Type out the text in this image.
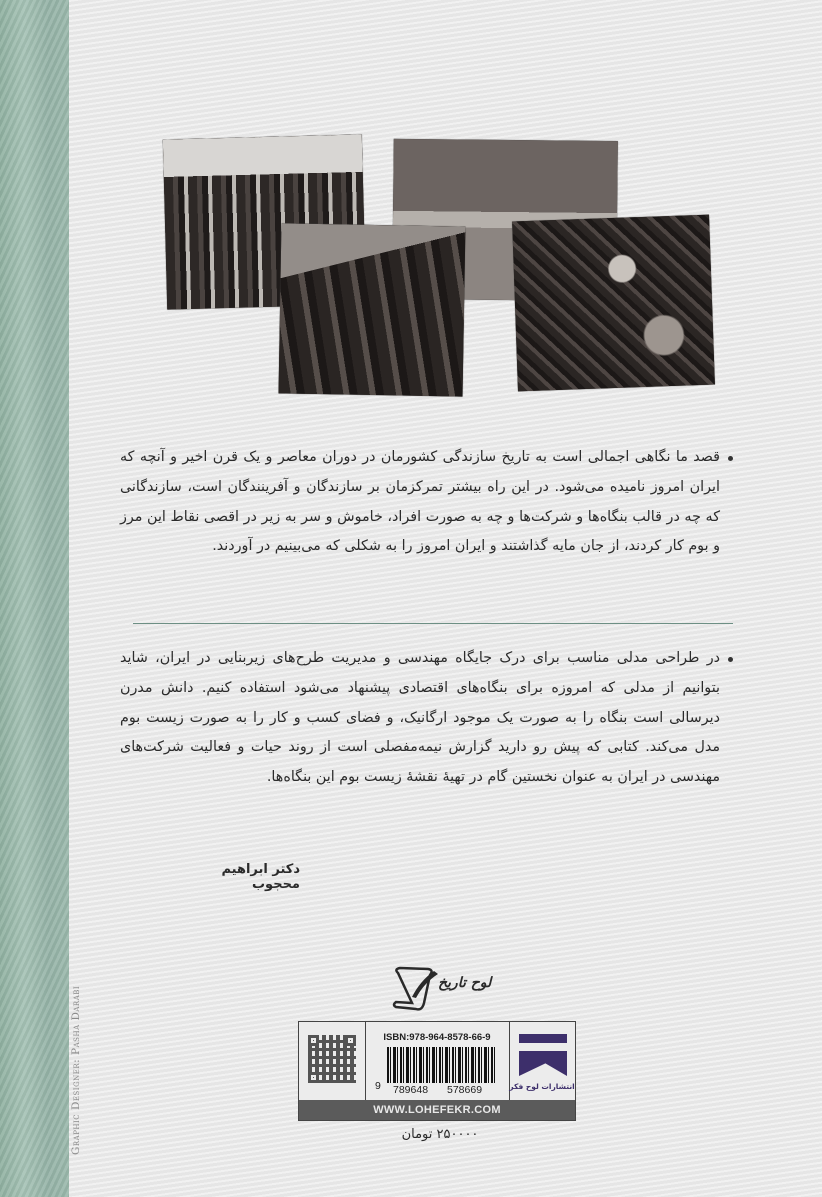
Graphic Designer: Pasha Darabi

قصد ما نگاهی اجمالی است به تاریخ سازندگی کشورمان در دوران معاصر و یک قرن اخیر و آنچه که ایران امروز نامیده می‌شود. در این راه بیشتر تمرکزمان بر سازندگان و آفرینندگان است، سازندگانی که چه در قالب بنگاه‌ها و شرکت‌ها و چه به صورت افراد، خاموش و سر به زیر در اقصی نقاط این مرز و بوم کار کردند، از جان مایه گذاشتند و ایران امروز را به شکلی که می‌بینیم در آوردند.

در طراحی مدلی مناسب برای درک جایگاه مهندسی و مدیریت طرح‌های زیربنایی در ایران، شاید بتوانیم از مدلی که امروزه برای بنگاه‌های اقتصادی پیشنهاد می‌شود استفاده کنیم. دانش مدرن دیرسالی است بنگاه را به صورت یک موجود ارگانیک، و فضای کسب و کار را به صورت زیست بوم مدل می‌کند. کتابی که پیش رو دارید گزارش نیمه‌مفصلی است از روند حیات و فعالیت شرکت‌های مهندسی در ایران به عنوان نخستین گام در تهیهٔ نقشهٔ زیست بوم این بنگاه‌ها.

دکتر ابراهیم محجوب
لوح تاریخ
ISBN:978-964-8578-66-9
9 789648 578669	انتشارات لوح فکر
WWW.LOHEFEKR.COM
۲۵۰۰۰۰ تومان
